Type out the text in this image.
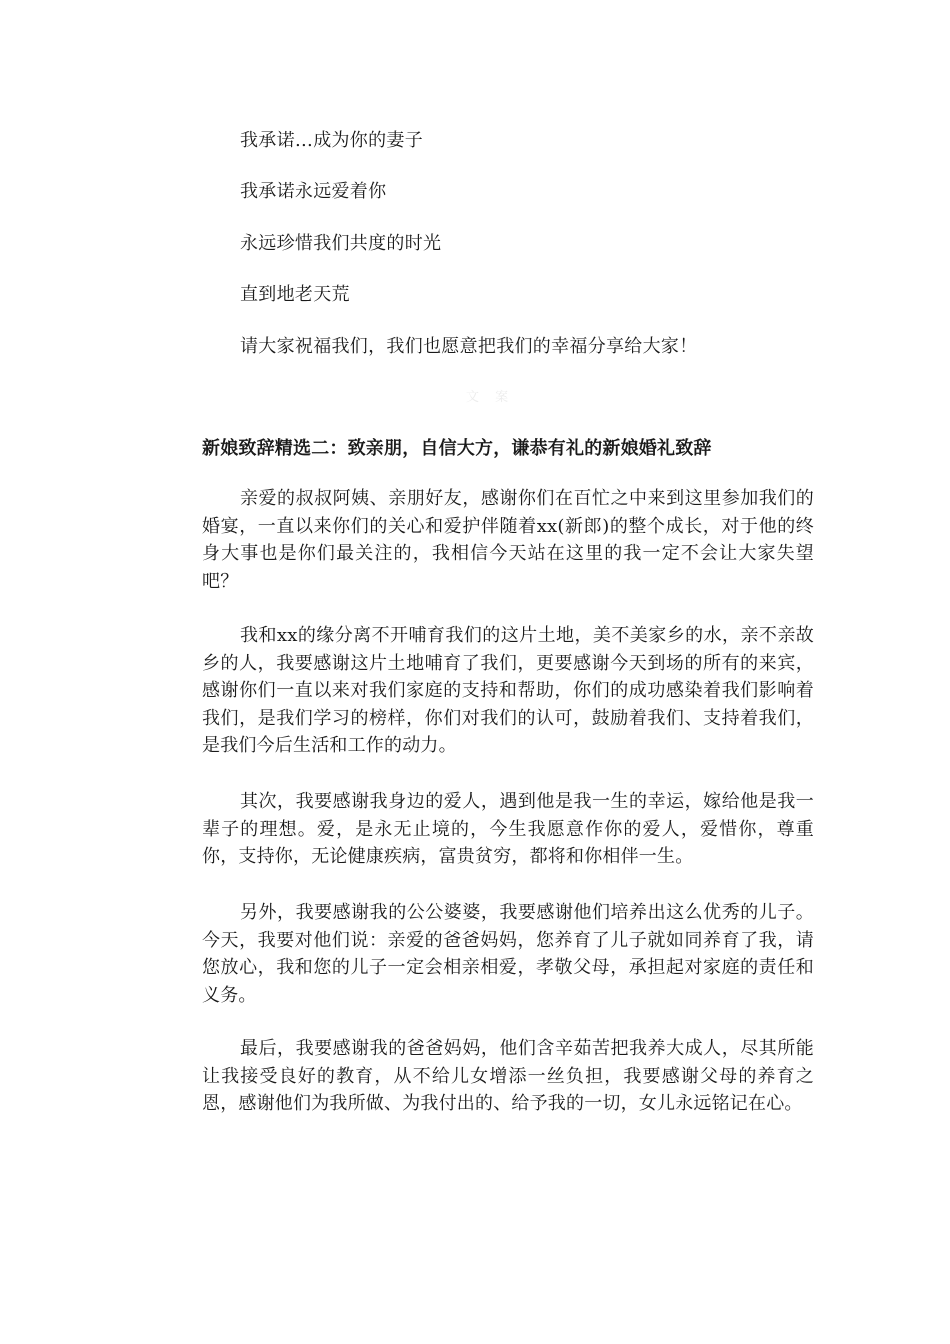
我承诺…成为你的妻子
我承诺永远爱着你
永远珍惜我们共度的时光
直到地老天荒
请大家祝福我们，我们也愿意把我们的幸福分享给大家！
文 案
新娘致辞精选二：致亲朋，自信大方，谦恭有礼的新娘婚礼致辞

亲爱的叔叔阿姨、亲朋好友，感谢你们在百忙之中来到这里参加我们的婚宴，一直以来你们的关心和爱护伴随着xx(新郎)的整个成长，对于他的终身大事也是你们最关注的，我相信今天站在这里的我一定不会让大家失望吧？

我和xx的缘分离不开哺育我们的这片土地，美不美家乡的水，亲不亲故乡的人，我要感谢这片土地哺育了我们，更要感谢今天到场的所有的来宾，感谢你们一直以来对我们家庭的支持和帮助，你们的成功感染着我们影响着我们，是我们学习的榜样，你们对我们的认可，鼓励着我们、支持着我们，是我们今后生活和工作的动力。

其次，我要感谢我身边的爱人，遇到他是我一生的幸运，嫁给他是我一辈子的理想。爱，是永无止境的，今生我愿意作你的爱人，爱惜你，尊重你，支持你，无论健康疾病，富贵贫穷，都将和你相伴一生。

另外，我要感谢我的公公婆婆，我要感谢他们培养出这么优秀的儿子。今天，我要对他们说：亲爱的爸爸妈妈，您养育了儿子就如同养育了我，请您放心，我和您的儿子一定会相亲相爱，孝敬父母，承担起对家庭的责任和义务。

最后，我要感谢我的爸爸妈妈，他们含辛茹苦把我养大成人，尽其所能让我接受良好的教育，从不给儿女增添一丝负担，我要感谢父母的养育之恩，感谢他们为我所做、为我付出的、给予我的一切，女儿永远铭记在心。
